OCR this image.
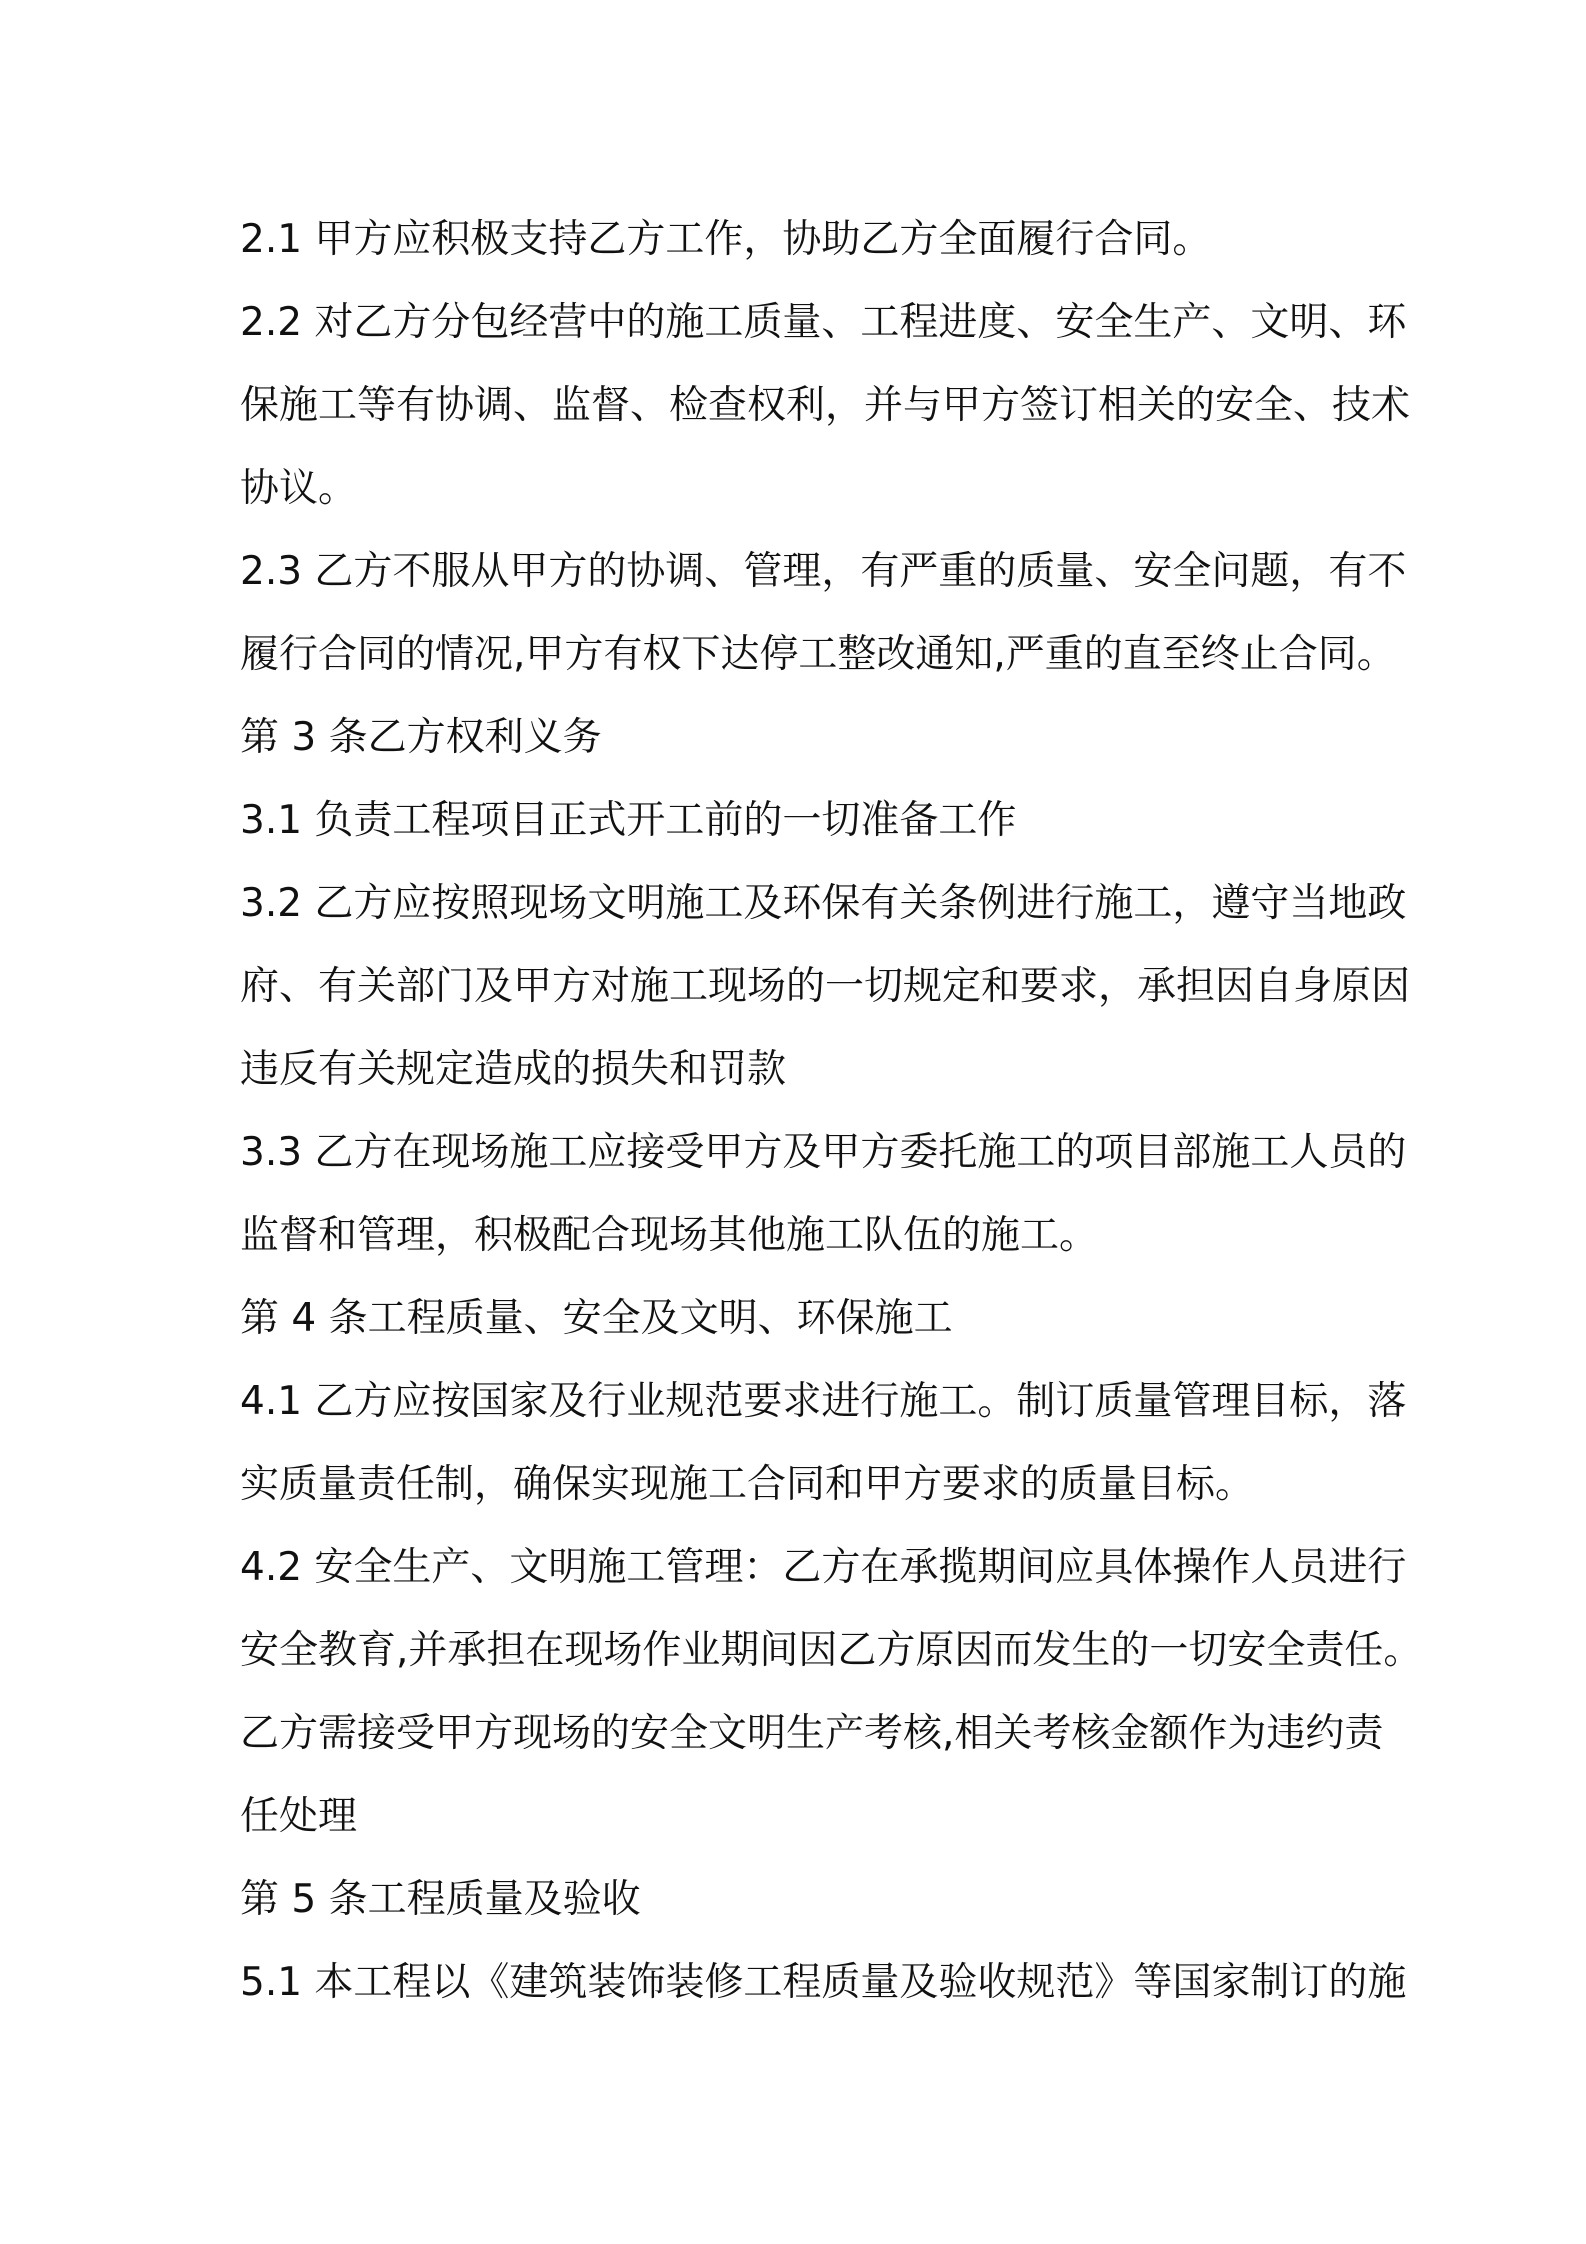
2.1 甲方应积极支持乙方工作，协助乙方全面履行合同。
2.2 对乙方分包经营中的施工质量、工程进度、安全生产、文明、环
保施工等有协调、监督、检查权利，并与甲方签订相关的安全、技术
协议。
2.3 乙方不服从甲方的协调、管理，有严重的质量、安全问题，有不
履行合同的情况,甲方有权下达停工整改通知,严重的直至终止合同。
第 3 条乙方权利义务
3.1 负责工程项目正式开工前的一切准备工作
3.2 乙方应按照现场文明施工及环保有关条例进行施工，遵守当地政
府、有关部门及甲方对施工现场的一切规定和要求，承担因自身原因
违反有关规定造成的损失和罚款
3.3 乙方在现场施工应接受甲方及甲方委托施工的项目部施工人员的
监督和管理，积极配合现场其他施工队伍的施工。
第 4 条工程质量、安全及文明、环保施工
4.1 乙方应按国家及行业规范要求进行施工。制订质量管理目标，落
实质量责任制，确保实现施工合同和甲方要求的质量目标。
4.2 安全生产、文明施工管理：乙方在承揽期间应具体操作人员进行
安全教育,并承担在现场作业期间因乙方原因而发生的一切安全责任。
乙方需接受甲方现场的安全文明生产考核,相关考核金额作为违约责
任处理
第 5 条工程质量及验收
5.1 本工程以《建筑装饰装修工程质量及验收规范》等国家制订的施
